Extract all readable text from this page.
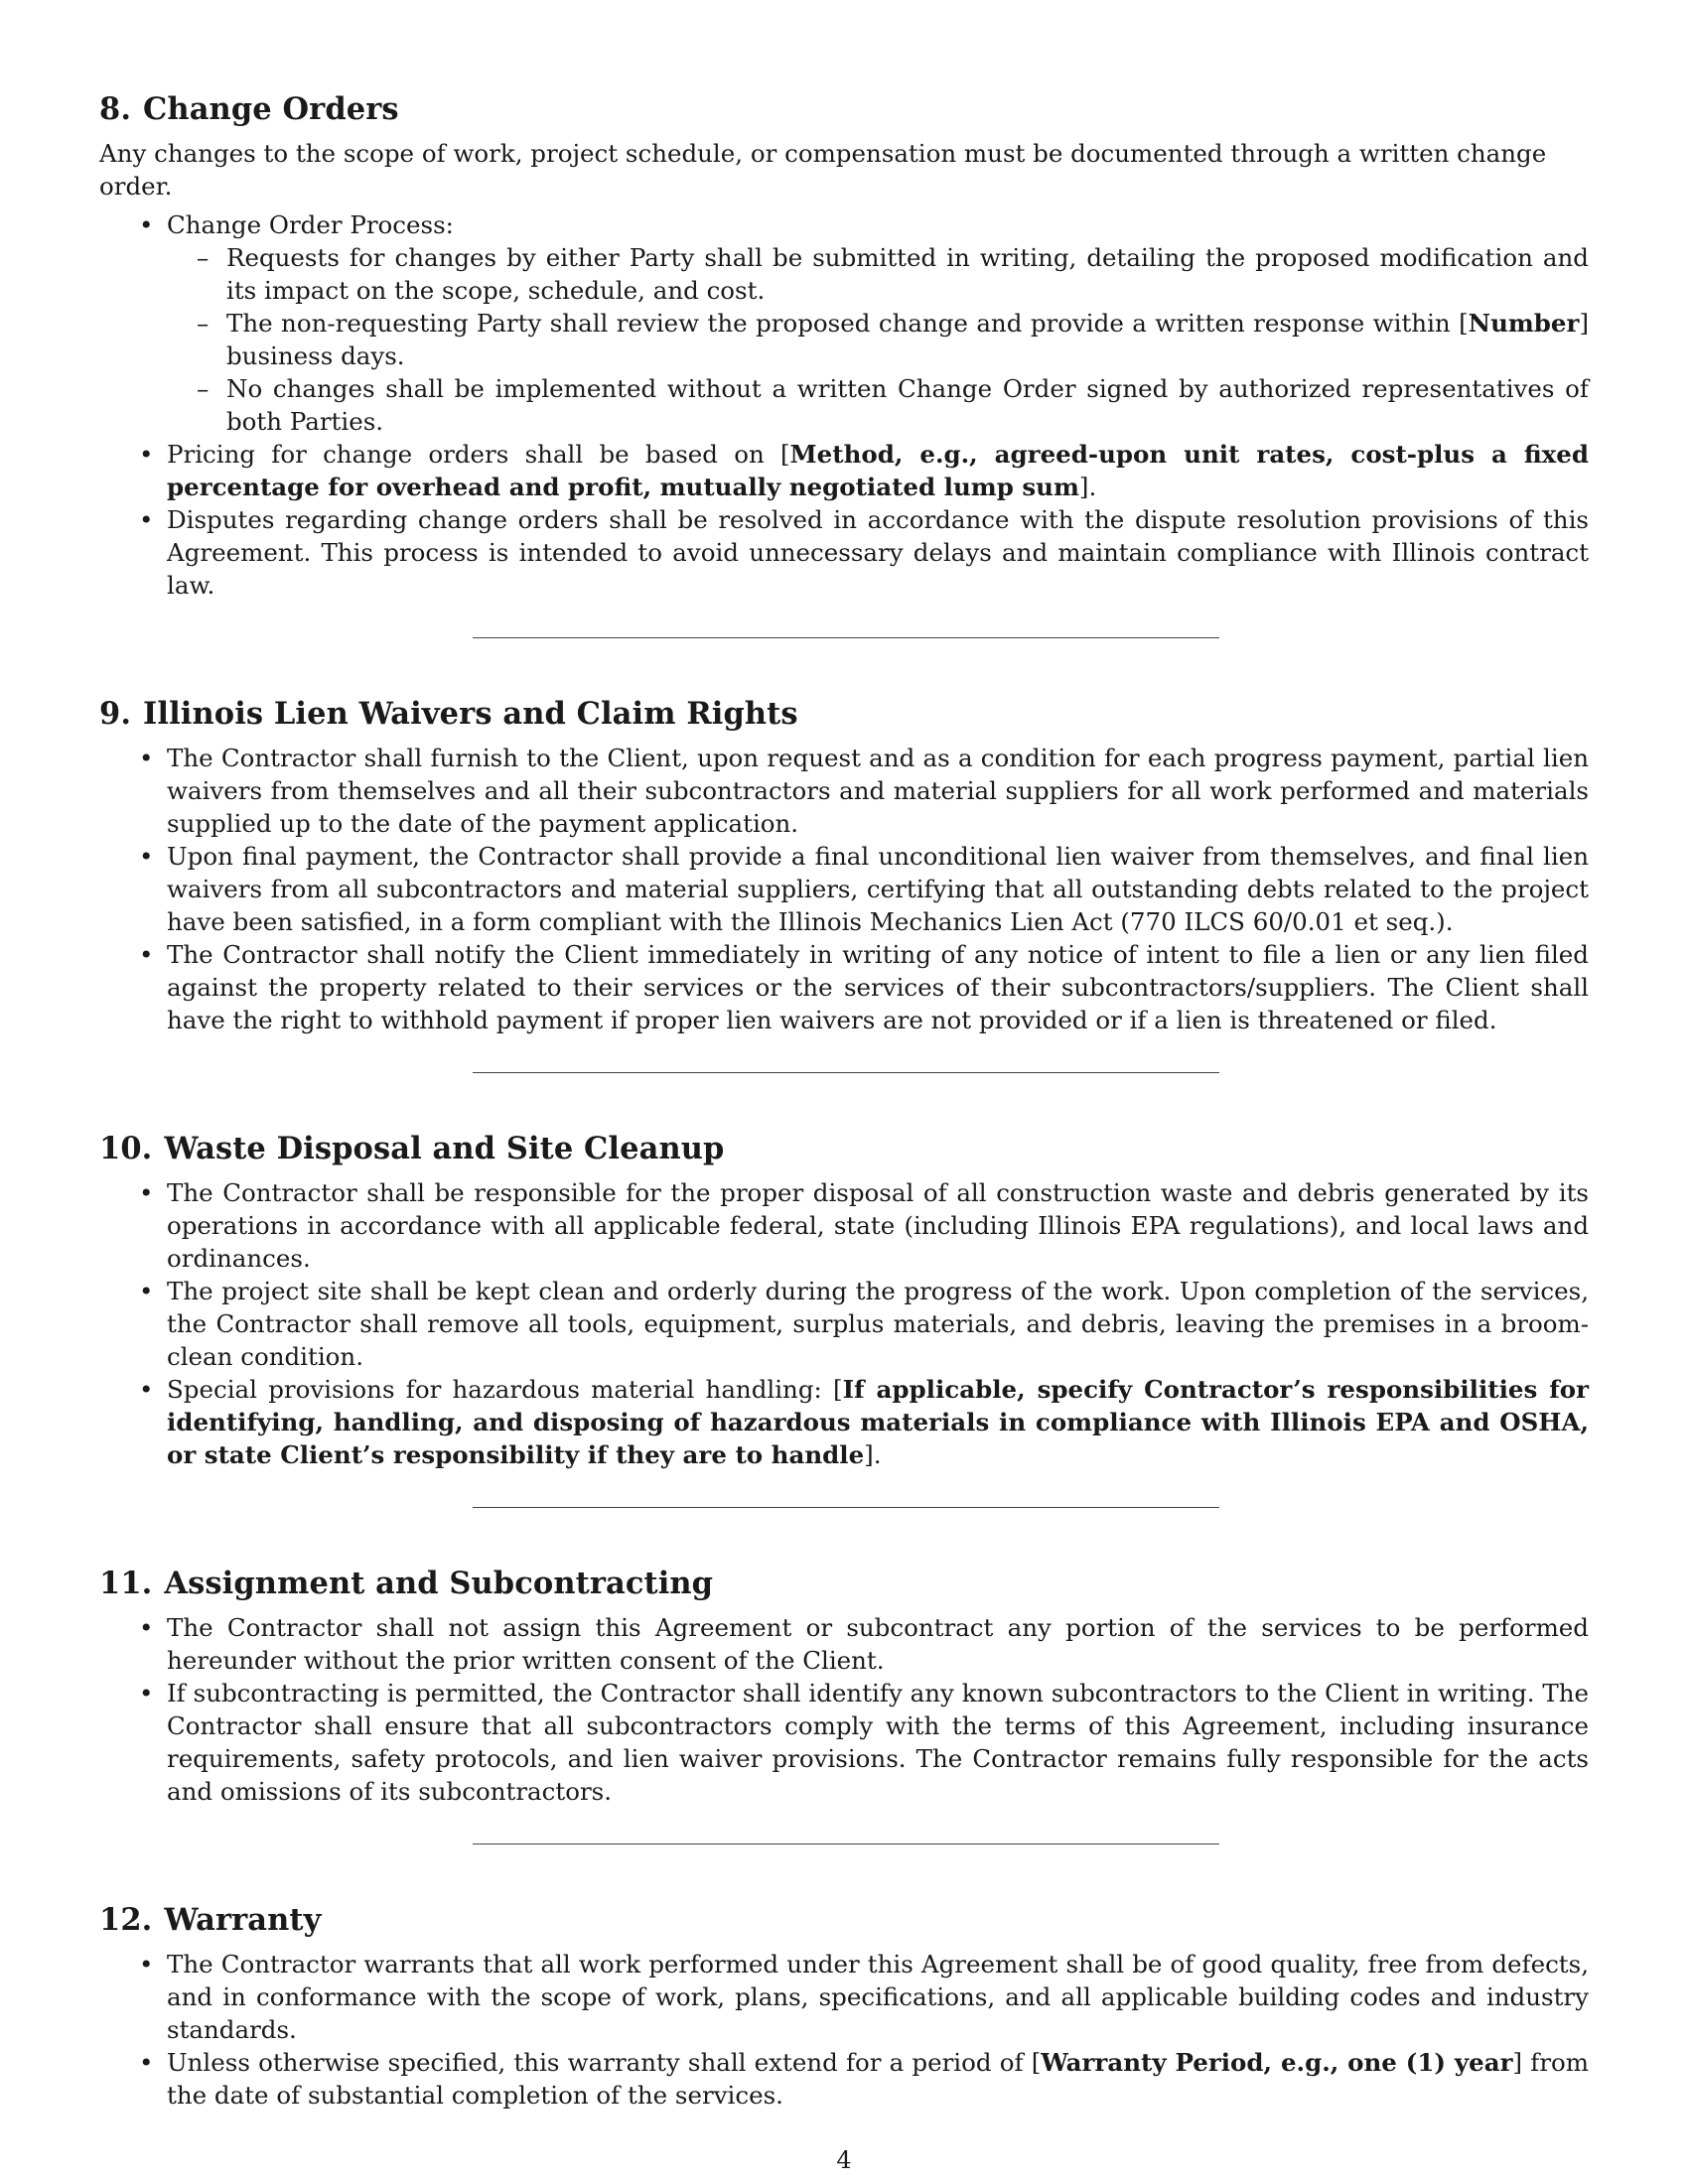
8. Change Orders

Any changes to the scope of work, project schedule, or compensation must be documented through a written change order.

• Change Order Process:
– Requests for changes by either Party shall be submitted in writing, detailing the proposed modification and its impact on the scope, schedule, and cost.
– The non-requesting Party shall review the proposed change and provide a written response within [Number] business days.
– No changes shall be implemented without a written Change Order signed by authorized representatives of both Parties.
• Pricing for change orders shall be based on [Method, e.g., agreed-upon unit rates, cost-plus a fixed percentage for overhead and profit, mutually negotiated lump sum].
• Disputes regarding change orders shall be resolved in accordance with the dispute resolution provisions of this Agreement. This process is intended to avoid unnecessary delays and maintain compliance with Illinois contract law.
9. Illinois Lien Waivers and Claim Rights
• The Contractor shall furnish to the Client, upon request and as a condition for each progress payment, partial lien waivers from themselves and all their subcontractors and material suppliers for all work performed and materials supplied up to the date of the payment application.
• Upon final payment, the Contractor shall provide a final unconditional lien waiver from themselves, and final lien waivers from all subcontractors and material suppliers, certifying that all outstanding debts related to the project have been satisfied, in a form compliant with the Illinois Mechanics Lien Act (770 ILCS 60/0.01 et seq.).
• The Contractor shall notify the Client immediately in writing of any notice of intent to file a lien or any lien filed against the property related to their services or the services of their subcontractors/suppliers. The Client shall have the right to withhold payment if proper lien waivers are not provided or if a lien is threatened or filed.
10. Waste Disposal and Site Cleanup
• The Contractor shall be responsible for the proper disposal of all construction waste and debris generated by its operations in accordance with all applicable federal, state (including Illinois EPA regulations), and local laws and ordinances.
• The project site shall be kept clean and orderly during the progress of the work. Upon completion of the services, the Contractor shall remove all tools, equipment, surplus materials, and debris, leaving the premises in a broom-clean condition.
• Special provisions for hazardous material handling: [If applicable, specify Contractor’s responsibilities for identifying, handling, and disposing of hazardous materials in compliance with Illinois EPA and OSHA, or state Client’s responsibility if they are to handle].
11. Assignment and Subcontracting
• The Contractor shall not assign this Agreement or subcontract any portion of the services to be performed hereunder without the prior written consent of the Client.
• If subcontracting is permitted, the Contractor shall identify any known subcontractors to the Client in writing. The Contractor shall ensure that all subcontractors comply with the terms of this Agreement, including insurance requirements, safety protocols, and lien waiver provisions. The Contractor remains fully responsible for the acts and omissions of its subcontractors.
12. Warranty
• The Contractor warrants that all work performed under this Agreement shall be of good quality, free from defects, and in conformance with the scope of work, plans, specifications, and all applicable building codes and industry standards.
• Unless otherwise specified, this warranty shall extend for a period of [Warranty Period, e.g., one (1) year] from the date of substantial completion of the services.
4
